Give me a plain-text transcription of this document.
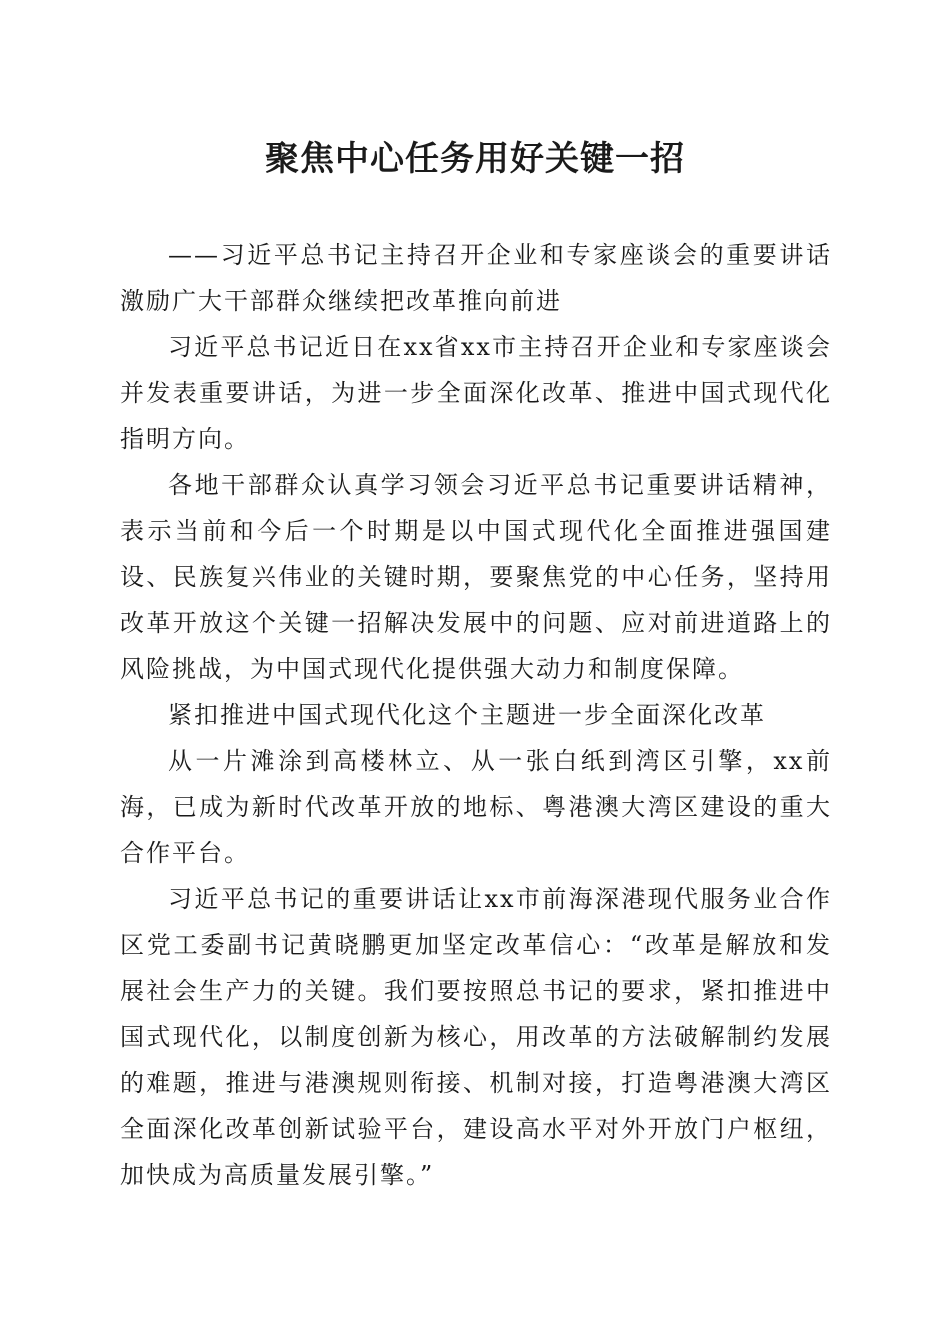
聚焦中心任务用好关键一招

——习近平总书记主持召开企业和专家座谈会的重要讲话激励广大干部群众继续把改革推向前进

习近平总书记近日在xx省xx市主持召开企业和专家座谈会并发表重要讲话，为进一步全面深化改革、推进中国式现代化指明方向。

各地干部群众认真学习领会习近平总书记重要讲话精神，表示当前和今后一个时期是以中国式现代化全面推进强国建设、民族复兴伟业的关键时期，要聚焦党的中心任务，坚持用改革开放这个关键一招解决发展中的问题、应对前进道路上的风险挑战，为中国式现代化提供强大动力和制度保障。

紧扣推进中国式现代化这个主题进一步全面深化改革

从一片滩涂到高楼林立、从一张白纸到湾区引擎，xx前海，已成为新时代改革开放的地标、粤港澳大湾区建设的重大合作平台。

习近平总书记的重要讲话让xx市前海深港现代服务业合作区党工委副书记黄晓鹏更加坚定改革信心：“改革是解放和发展社会生产力的关键。我们要按照总书记的要求，紧扣推进中国式现代化，以制度创新为核心，用改革的方法破解制约发展的难题，推进与港澳规则衔接、机制对接，打造粤港澳大湾区全面深化改革创新试验平台，建设高水平对外开放门户枢纽，加快成为高质量发展引擎。”
